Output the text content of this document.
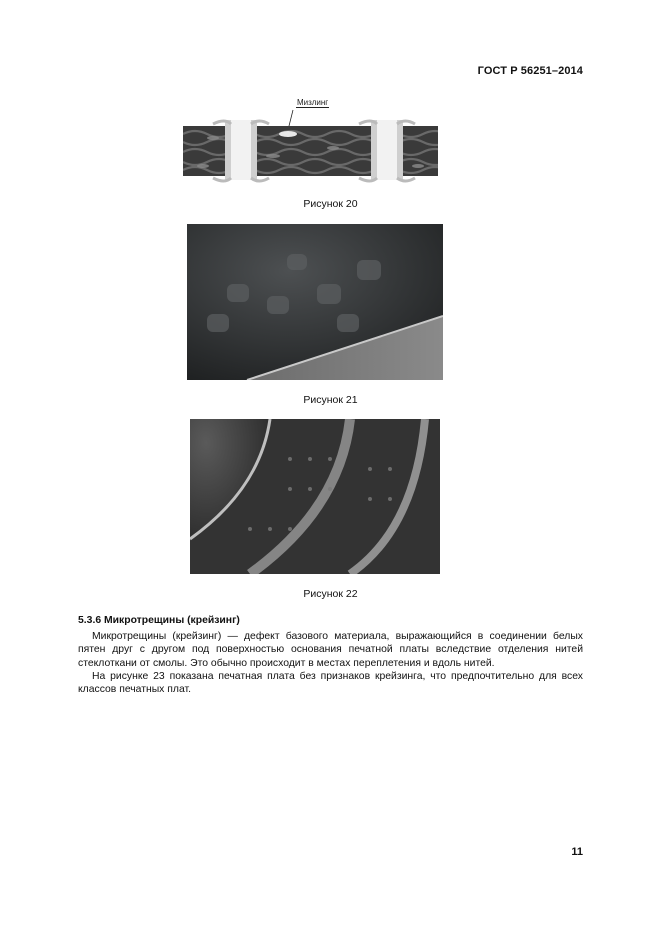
ГОСТ Р 56251–2014
Мизлинг
Рисунок 20
Рисунок 21
Рисунок 22
5.3.6 Микротрещины (крейзинг)

Микротрещины (крейзинг) — дефект базового материала, выражающийся в соединении белых пятен друг с другом под поверхностью основания печатной платы вследствие отделения нитей стеклоткани от смолы. Это обычно происходит в местах переплетения и вдоль нитей.

На рисунке 23 показана печатная плата без признаков крейзинга, что предпочтительно для всех классов печатных плат.

11
